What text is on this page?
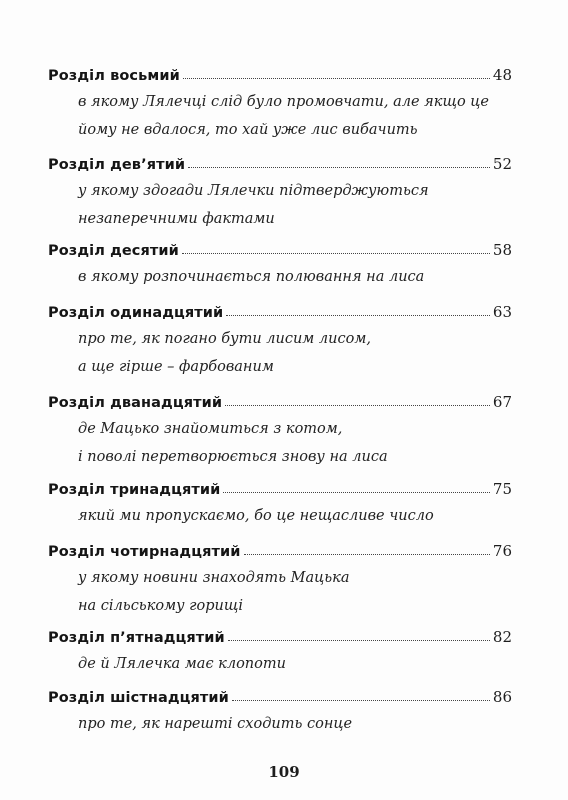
Розділ восьмий	48
в якому Лялечці слід було промовчати, але якщо це
йому не вдалося, то хай уже лис вибачить
Розділ дев’ятий	52
у якому здогади Лялечки підтверджуються
незаперечними фактами
Розділ десятий	58
в якому розпочинається полювання на лиса
Розділ одинадцятий	63
про те, як погано бути лисим лисом,
а ще гірше – фарбованим
Розділ дванадцятий	67
де Мацько знайомиться з котом,
і поволі перетворюється знову на лиса
Розділ тринадцятий	75
який ми пропускаємо, бо це нещасливе число
Розділ чотирнадцятий	76
у якому новини знаходять Мацька
на сільському горищі
Розділ п’ятнадцятий	82
де й Лялечка має клопоти
Розділ шістнадцятий	86
про те, як нарешті сходить сонце
109
